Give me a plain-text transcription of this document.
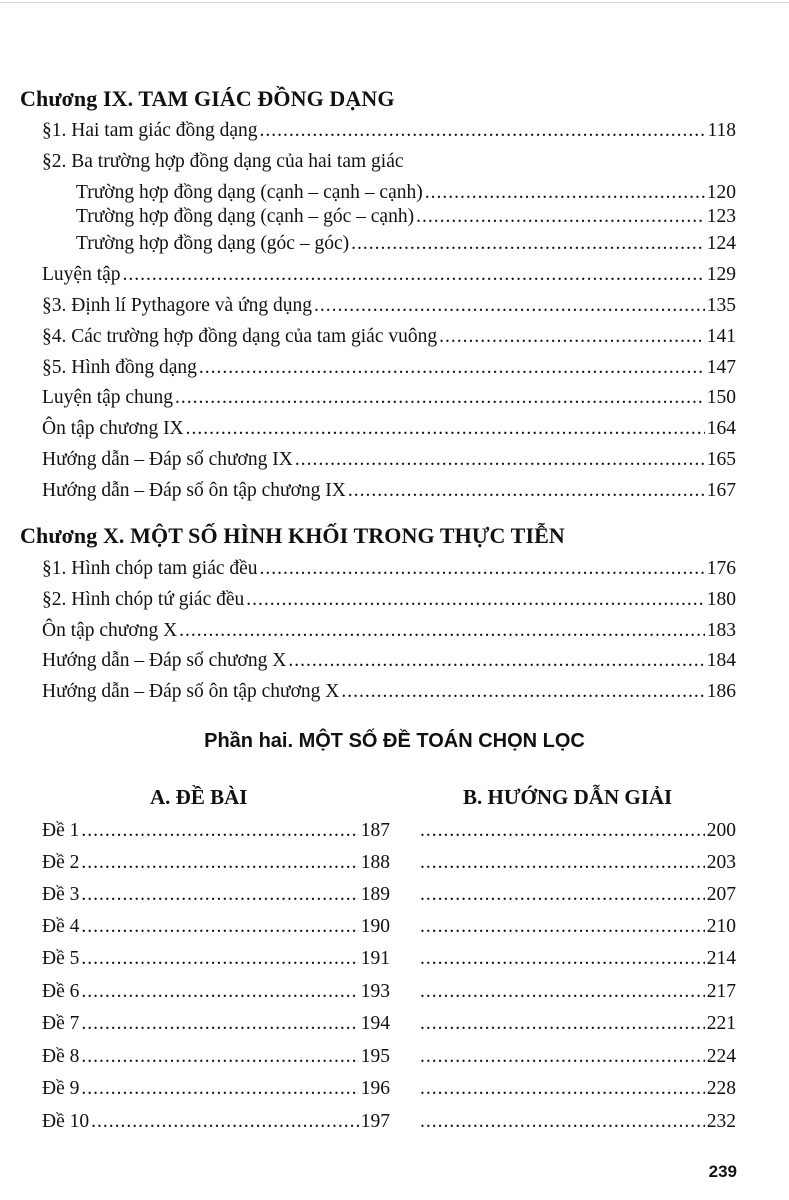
Chương IX. TAM GIÁC ĐỒNG DẠNG
§1. Hai tam giác đồng dạng .....	118
§2. Ba trường hợp đồng dạng của hai tam giác
Trường hợp đồng dạng (cạnh – cạnh – cạnh) .....	120
Trường hợp đồng dạng (cạnh – góc – cạnh) .....	123
Trường hợp đồng dạng (góc – góc) .....	124
Luyện tập .....	129
§3. Định lí Pythagore và ứng dụng .....	135
§4. Các trường hợp đồng dạng của tam giác vuông .....	141
§5. Hình đồng dạng .....	147
Luyện tập chung .....	150
Ôn tập chương IX .....	164
Hướng dẫn – Đáp số chương IX .....	165
Hướng dẫn – Đáp số ôn tập chương IX .....	167
Chương X. MỘT SỐ HÌNH KHỐI TRONG THỰC TIỄN
§1. Hình chóp tam giác đều .....	176
§2. Hình chóp tứ giác đều .....	180
Ôn tập chương X .....	183
Hướng dẫn – Đáp số chương X .....	184
Hướng dẫn – Đáp số ôn tập chương X .....	186
Phần hai. MỘT SỐ ĐỀ TOÁN CHỌN LỌC
A. ĐỀ BÀI	B. HƯỚNG DẪN GIẢI
Đề 1 .....	187 .....	200
Đề 2 .....	188 .....	203
Đề 3 .....	189 .....	207
Đề 4 .....	190 .....	210
Đề 5 .....	191 .....	214
Đề 6 .....	193 .....	217
Đề 7 .....	194 .....	221
Đề 8 .....	195 .....	224
Đề 9 .....	196 .....	228
Đề 10 .....	197 .....	232
239
